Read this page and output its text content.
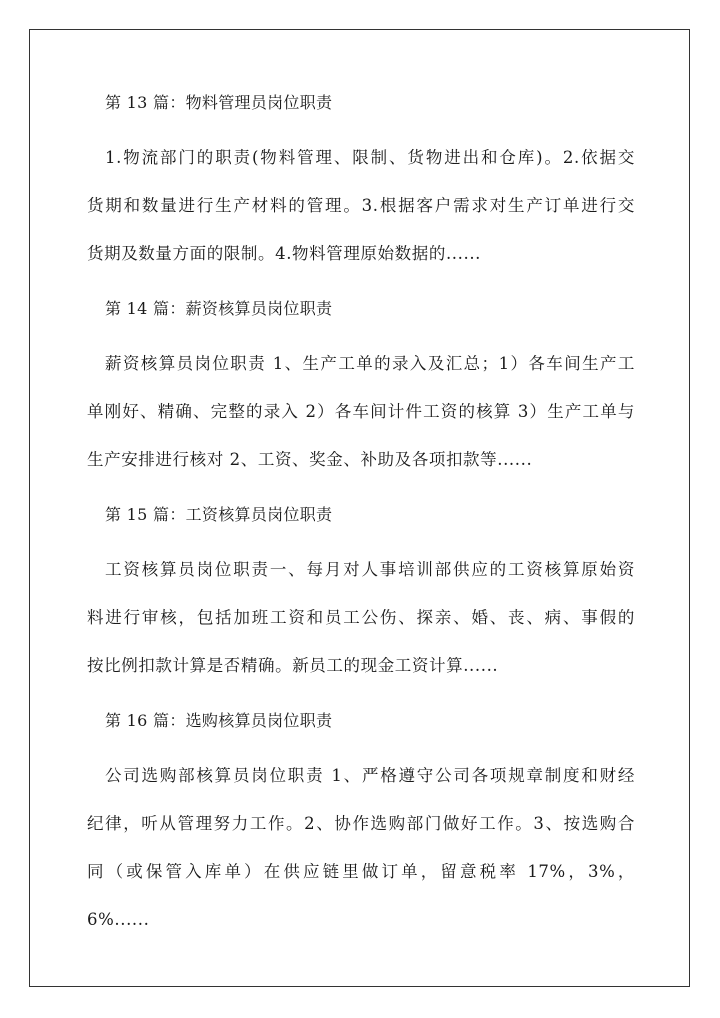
第 13 篇：物料管理员岗位职责
1.物流部门的职责(物料管理、限制、货物进出和仓库)。2.依据交
货期和数量进行生产材料的管理。3.根据客户需求对生产订单进行交
货期及数量方面的限制。4.物料管理原始数据的......
第 14 篇：薪资核算员岗位职责
薪资核算员岗位职责 1、生产工单的录入及汇总；1）各车间生产工
单刚好、精确、完整的录入 2）各车间计件工资的核算 3）生产工单与
生产安排进行核对 2、工资、奖金、补助及各项扣款等......
第 15 篇：工资核算员岗位职责
工资核算员岗位职责一、每月对人事培训部供应的工资核算原始资
料进行审核，包括加班工资和员工公伤、探亲、婚、丧、病、事假的
按比例扣款计算是否精确。新员工的现金工资计算......
第 16 篇：选购核算员岗位职责
公司选购部核算员岗位职责 1、严格遵守公司各项规章制度和财经
纪律，听从管理努力工作。2、协作选购部门做好工作。3、按选购合
同（或保管入库单）在供应链里做订单，留意税率 17%，3%，
6%......
